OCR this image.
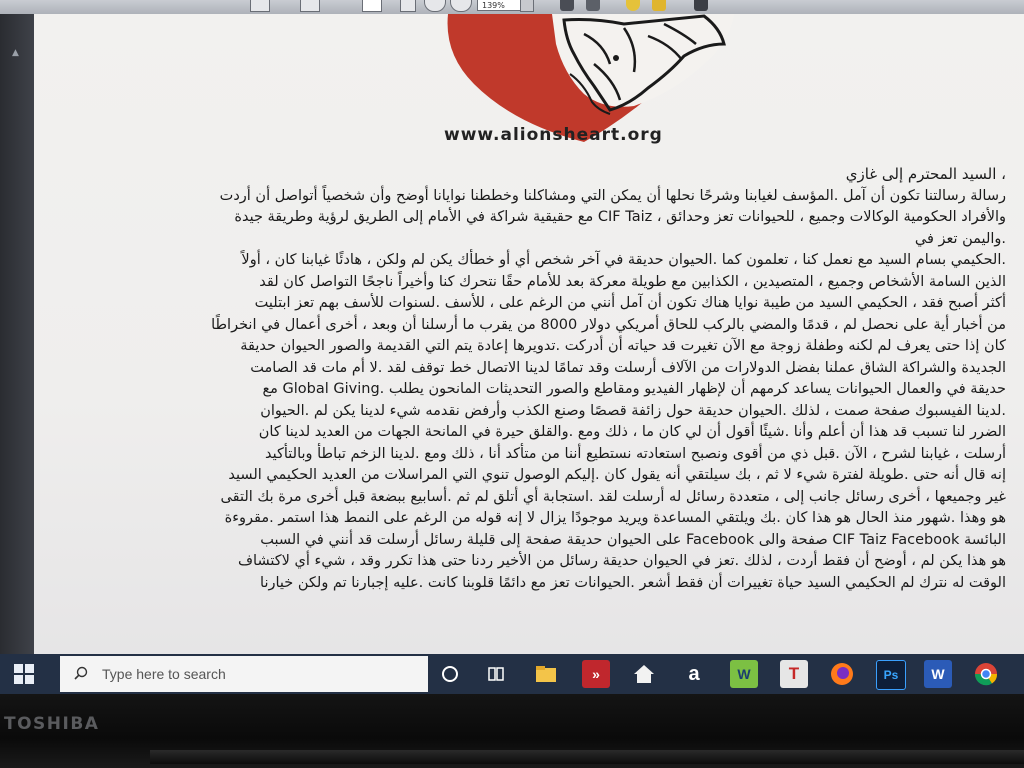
139%
▲
www.alionsheart.org

، السيد المحترم إلى غازي

رسالة رسالتنا تكون أن آمل .المؤسف لغيابنا وشرحًا نحلها أن يمكن التي ومشاكلنا وخططنا نوايانا أوضح وأن شخصياً أتواصل أن أردت

والأفراد الحكومية الوكالات وجميع ، للحيوانات تعز وحدائق ، CIF Taiz مع حقيقية شراكة في الأمام إلى الطريق لرؤية وطريقة جيدة

.واليمن تعز في

.الحكيمي بسام السيد مع نعمل كنا ، تعلمون كما .الحيوان حديقة في آخر شخص أي أو خطأك يكن لم ولكن ، هادئًا غيابنا كان ، أولاً

الذين السامة الأشخاص وجميع ، المتصيدين ، الكذابين مع طويلة معركة بعد للأمام حقًا نتحرك كنا وأخيراً ناجحًا التواصل كان لقد

أكثر أصبح فقد ، الحكيمي السيد من طيبة نوايا هناك تكون أن آمل أنني من الرغم على ، للأسف .لسنوات للأسف بهم تعز ابتليت

من أخبار أية على نحصل لم ، قدمًا والمضي بالركب للحاق أمريكي دولار 8000 من يقرب ما أرسلنا أن وبعد ، أخرى أعمال في انخراطًا

كان إذا حتى يعرف لم لكنه وطفلة زوجة مع الآن تغيرت قد حياته أن أدركت .تدويرها إعادة يتم التي القديمة والصور الحيوان حديقة

الجديدة والشراكة الشاق عملنا بفضل الدولارات من الآلاف أرسلت وقد تمامًا لدينا الاتصال خط توقف لقد .لا أم مات قد الصامت

حديقة في والعمال الحيوانات يساعد كرمهم أن لإظهار الفيديو ومقاطع والصور التحديثات المانحون يطلب .Global Giving مع

.لدينا الفيسبوك صفحة صمت ، لذلك .الحيوان حديقة حول زائفة قصصًا وصنع الكذب وأرفض نقدمه شيء لدينا يكن لم .الحيوان

الضرر لنا تسبب قد هذا أن أعلم وأنا .شيئًا أقول أن لي كان ما ، ذلك ومع .والقلق حيرة في المانحة الجهات من العديد لدينا كان

أرسلت ، غيابنا لشرح ، الآن .قبل ذي من أقوى ونصبح استعادته نستطيع أننا من متأكد أنا ، ذلك ومع .لدينا الزخم تباطأ وبالتأكيد

إنه قال أنه حتى .طويلة لفترة شيء لا ثم ، بك سيلتقي أنه يقول كان .إليكم الوصول تنوي التي المراسلات من العديد الحكيمي السيد

غير وجميعها ، أخرى رسائل جانب إلى ، متعددة رسائل له أرسلت لقد .استجابة أي أتلق لم ثم .أسابيع ببضعة قبل أخرى مرة بك التقى

هو وهذا .شهور منذ الحال هو هذا كان .بك ويلتقي المساعدة ويريد موجودًا يزال لا إنه قوله من الرغم على النمط هذا استمر .مقروءة

البائسة CIF Taiz Facebook صفحة والى Facebook على الحيوان حديقة صفحة إلى قليلة رسائل أرسلت قد أنني في السبب

هو هذا يكن لم ، أوضح أن فقط أردت ، لذلك .تعز في الحيوان حديقة رسائل من الأخير ردنا حتى هذا تكرر وقد ، شيء أي لاكتشاف

الوقت له نترك لم الحكيمي السيد حياة تغييرات أن فقط أشعر .الحيوانات تعز مع دائمًا قلوبنا كانت .عليه إجبارنا تم ولكن خيارنا

Type here to search	»	a	W	T	Ps	W
TOSHIBA
